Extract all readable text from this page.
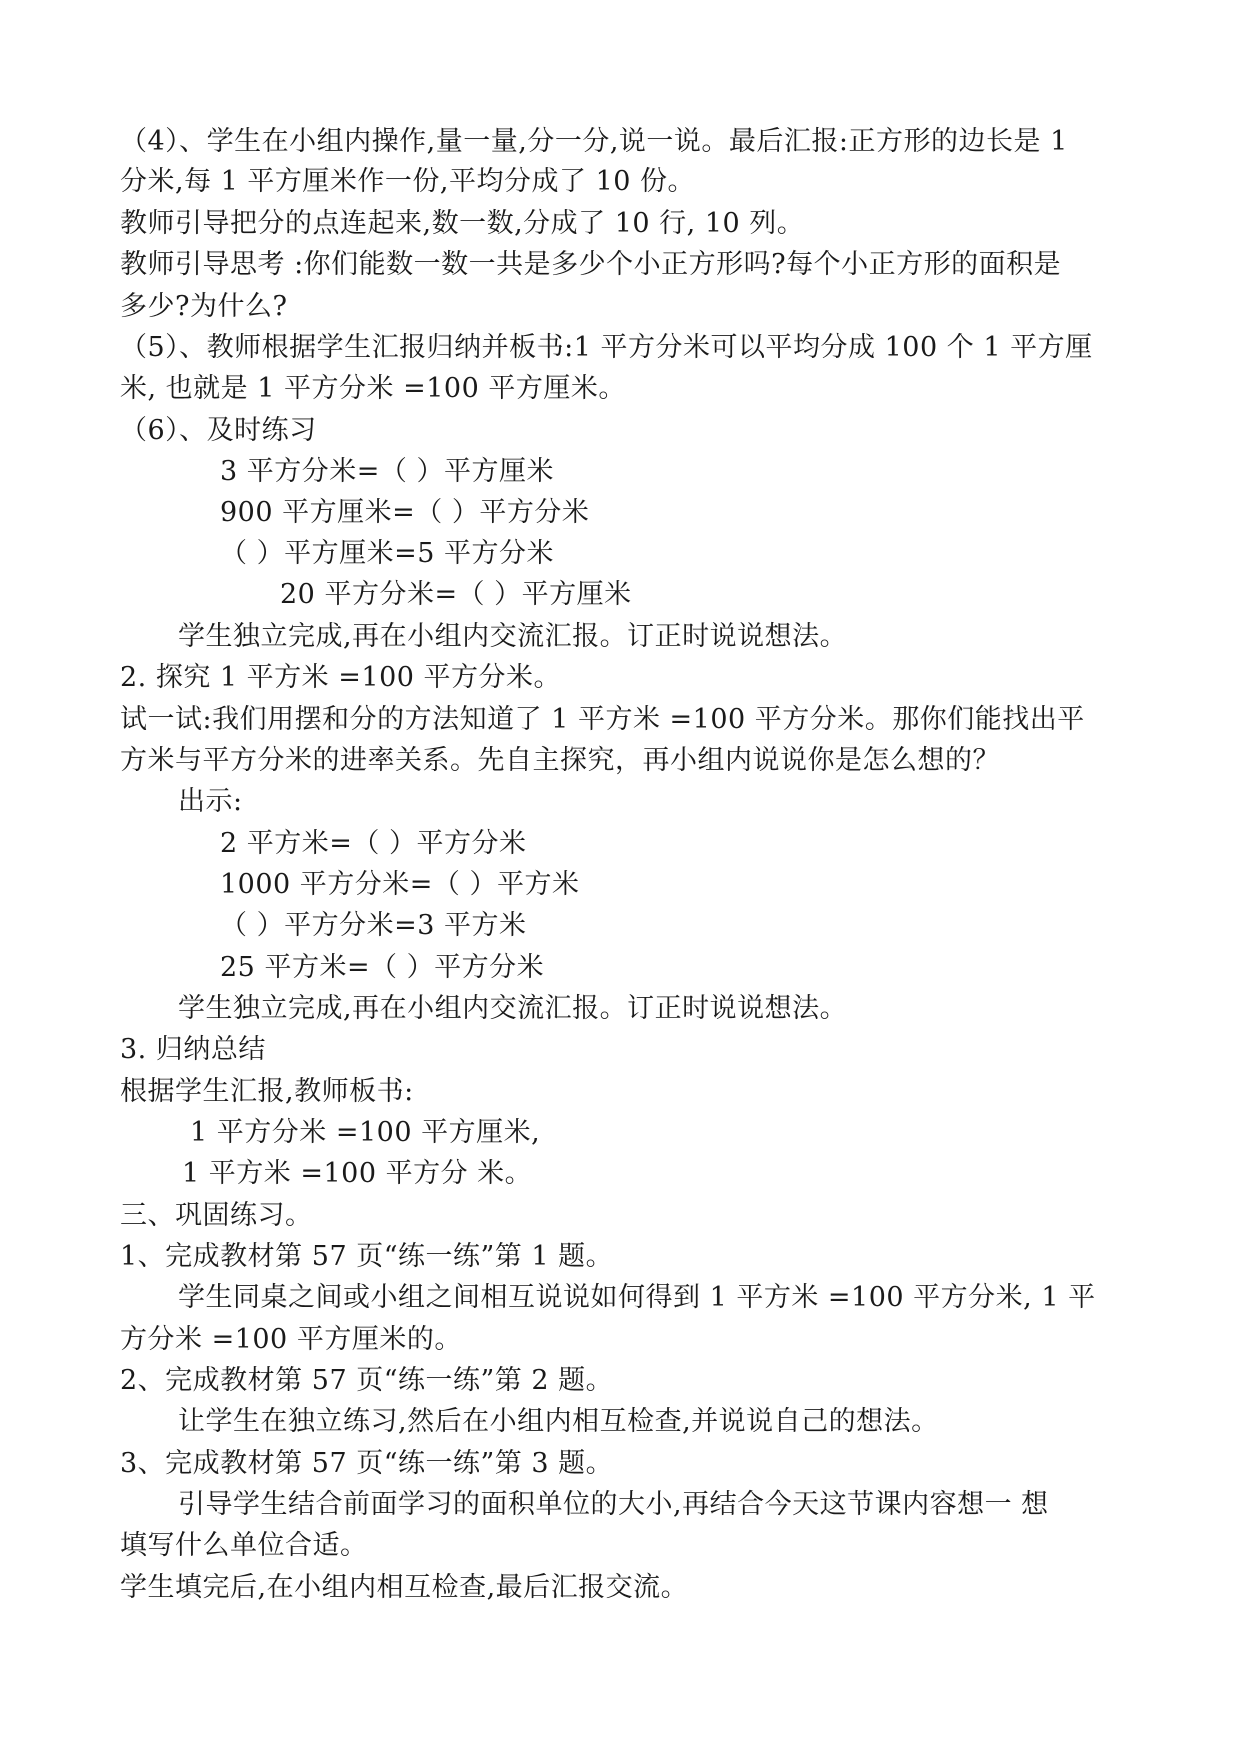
（4）、学生在小组内操作,量一量,分一分,说一说。最后汇报:正方形的边长是 1
分米,每 1 平方厘米作一份,平均分成了 10 份。
教师引导把分的点连起来,数一数,分成了 10 行, 10 列。
教师引导思考 :你们能数一数一共是多少个小正方形吗?每个小正方形的面积是
多少?为什么?
（5）、教师根据学生汇报归纳并板书:1 平方分米可以平均分成 100 个 1 平方厘
米, 也就是 1 平方分米 =100 平方厘米。
（6）、及时练习
3 平方分米=（ ）平方厘米
900 平方厘米=（ ）平方分米
（ ）平方厘米=5 平方分米
20 平方分米=（ ）平方厘米
学生独立完成,再在小组内交流汇报。订正时说说想法。
2. 探究 1 平方米 =100 平方分米。
试一试:我们用摆和分的方法知道了 1 平方米 =100 平方分米。那你们能找出平
方米与平方分米的进率关系。先自主探究，再小组内说说你是怎么想的？
出示:
2 平方米=（ ）平方分米
1000 平方分米=（ ）平方米
（ ）平方分米=3 平方米
25 平方米=（ ）平方分米
学生独立完成,再在小组内交流汇报。订正时说说想法。
3. 归纳总结
根据学生汇报,教师板书:
1 平方分米 =100 平方厘米,
1 平方米 =100 平方分 米。
三、巩固练习。
1、完成教材第 57 页“练一练”第 1 题。
学生同桌之间或小组之间相互说说如何得到 1 平方米 =100 平方分米, 1 平
方分米 =100 平方厘米的。
2、完成教材第 57 页“练一练”第 2 题。
让学生在独立练习,然后在小组内相互检查,并说说自己的想法。
3、完成教材第 57 页“练一练”第 3 题。
引导学生结合前面学习的面积单位的大小,再结合今天这节课内容想一 想
填写什么单位合适。
学生填完后,在小组内相互检查,最后汇报交流。
